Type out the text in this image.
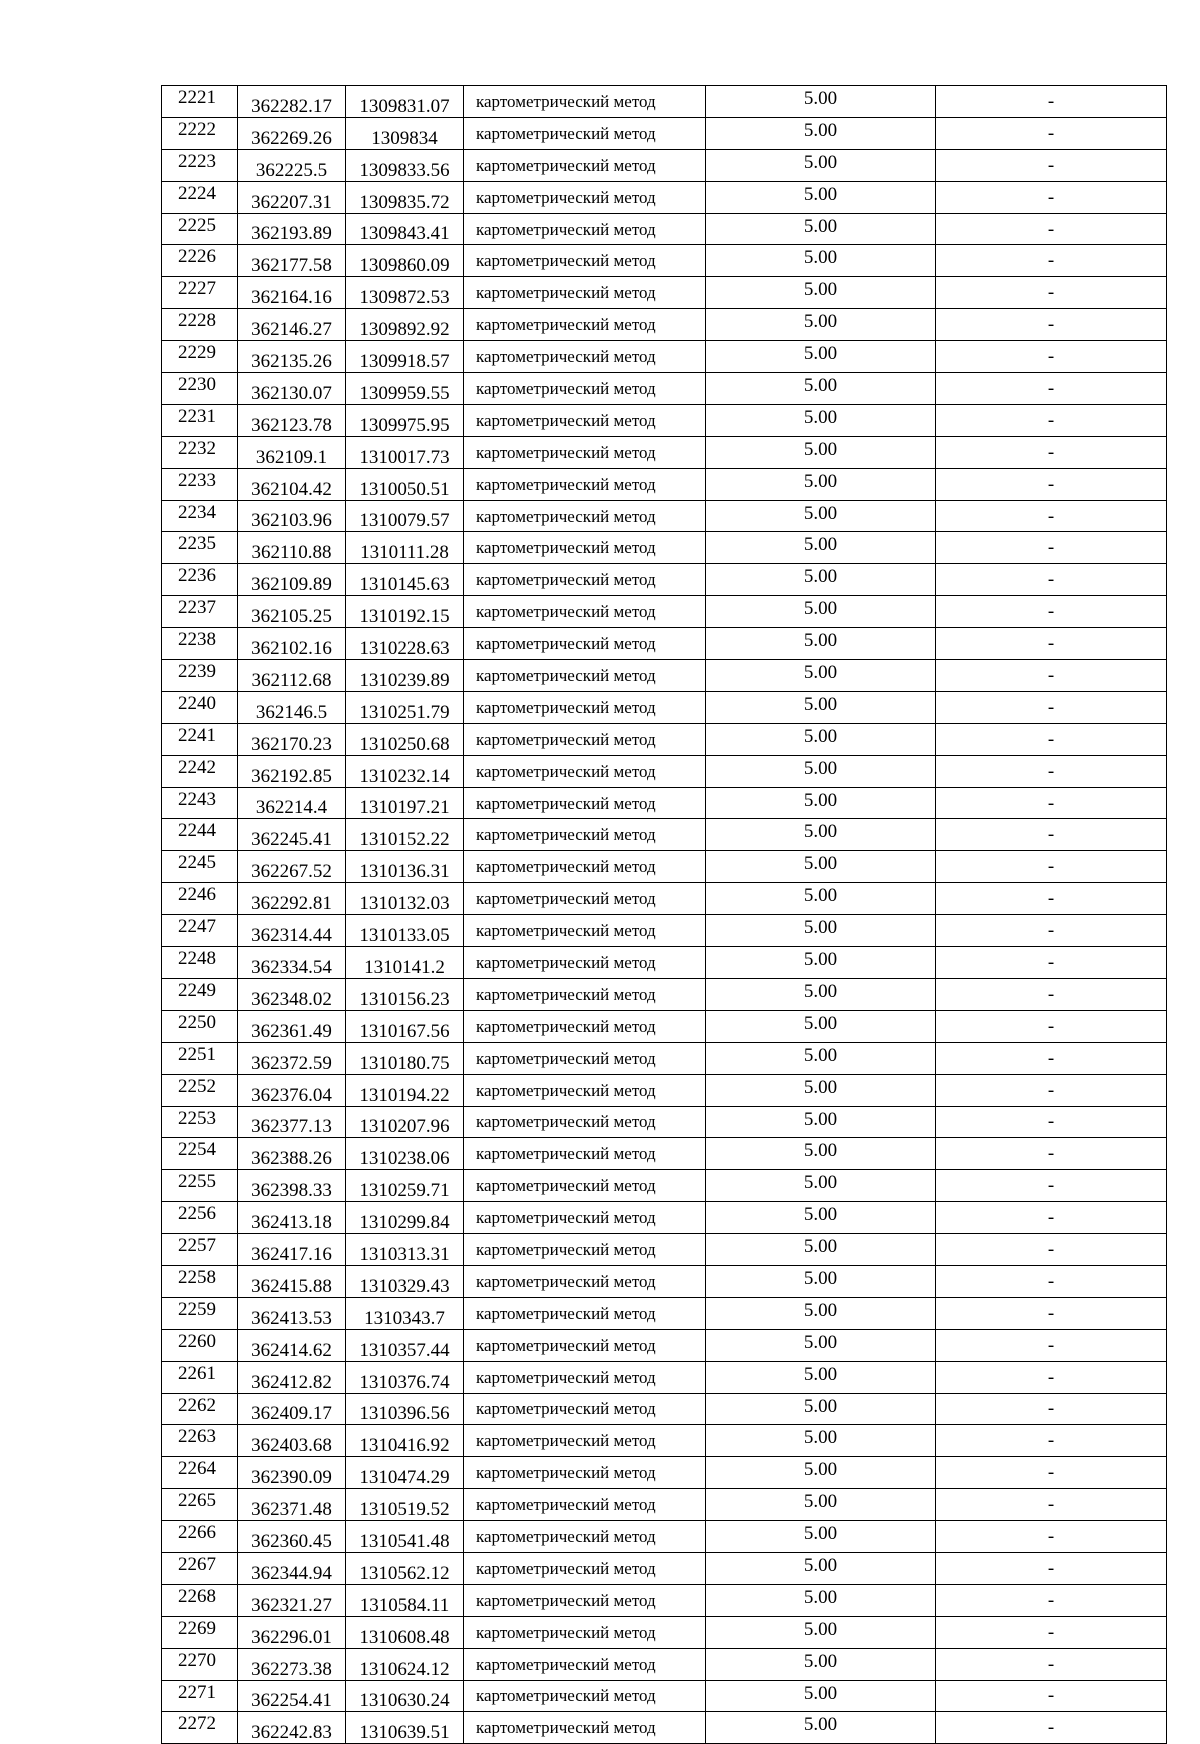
2221	362282.17	1309831.07	картометрический метод	5.00	-
2222	362269.26	1309834	картометрический метод	5.00	-
2223	362225.5	1309833.56	картометрический метод	5.00	-
2224	362207.31	1309835.72	картометрический метод	5.00	-
2225	362193.89	1309843.41	картометрический метод	5.00	-
2226	362177.58	1309860.09	картометрический метод	5.00	-
2227	362164.16	1309872.53	картометрический метод	5.00	-
2228	362146.27	1309892.92	картометрический метод	5.00	-
2229	362135.26	1309918.57	картометрический метод	5.00	-
2230	362130.07	1309959.55	картометрический метод	5.00	-
2231	362123.78	1309975.95	картометрический метод	5.00	-
2232	362109.1	1310017.73	картометрический метод	5.00	-
2233	362104.42	1310050.51	картометрический метод	5.00	-
2234	362103.96	1310079.57	картометрический метод	5.00	-
2235	362110.88	1310111.28	картометрический метод	5.00	-
2236	362109.89	1310145.63	картометрический метод	5.00	-
2237	362105.25	1310192.15	картометрический метод	5.00	-
2238	362102.16	1310228.63	картометрический метод	5.00	-
2239	362112.68	1310239.89	картометрический метод	5.00	-
2240	362146.5	1310251.79	картометрический метод	5.00	-
2241	362170.23	1310250.68	картометрический метод	5.00	-
2242	362192.85	1310232.14	картометрический метод	5.00	-
2243	362214.4	1310197.21	картометрический метод	5.00	-
2244	362245.41	1310152.22	картометрический метод	5.00	-
2245	362267.52	1310136.31	картометрический метод	5.00	-
2246	362292.81	1310132.03	картометрический метод	5.00	-
2247	362314.44	1310133.05	картометрический метод	5.00	-
2248	362334.54	1310141.2	картометрический метод	5.00	-
2249	362348.02	1310156.23	картометрический метод	5.00	-
2250	362361.49	1310167.56	картометрический метод	5.00	-
2251	362372.59	1310180.75	картометрический метод	5.00	-
2252	362376.04	1310194.22	картометрический метод	5.00	-
2253	362377.13	1310207.96	картометрический метод	5.00	-
2254	362388.26	1310238.06	картометрический метод	5.00	-
2255	362398.33	1310259.71	картометрический метод	5.00	-
2256	362413.18	1310299.84	картометрический метод	5.00	-
2257	362417.16	1310313.31	картометрический метод	5.00	-
2258	362415.88	1310329.43	картометрический метод	5.00	-
2259	362413.53	1310343.7	картометрический метод	5.00	-
2260	362414.62	1310357.44	картометрический метод	5.00	-
2261	362412.82	1310376.74	картометрический метод	5.00	-
2262	362409.17	1310396.56	картометрический метод	5.00	-
2263	362403.68	1310416.92	картометрический метод	5.00	-
2264	362390.09	1310474.29	картометрический метод	5.00	-
2265	362371.48	1310519.52	картометрический метод	5.00	-
2266	362360.45	1310541.48	картометрический метод	5.00	-
2267	362344.94	1310562.12	картометрический метод	5.00	-
2268	362321.27	1310584.11	картометрический метод	5.00	-
2269	362296.01	1310608.48	картометрический метод	5.00	-
2270	362273.38	1310624.12	картометрический метод	5.00	-
2271	362254.41	1310630.24	картометрический метод	5.00	-
2272	362242.83	1310639.51	картометрический метод	5.00	-
